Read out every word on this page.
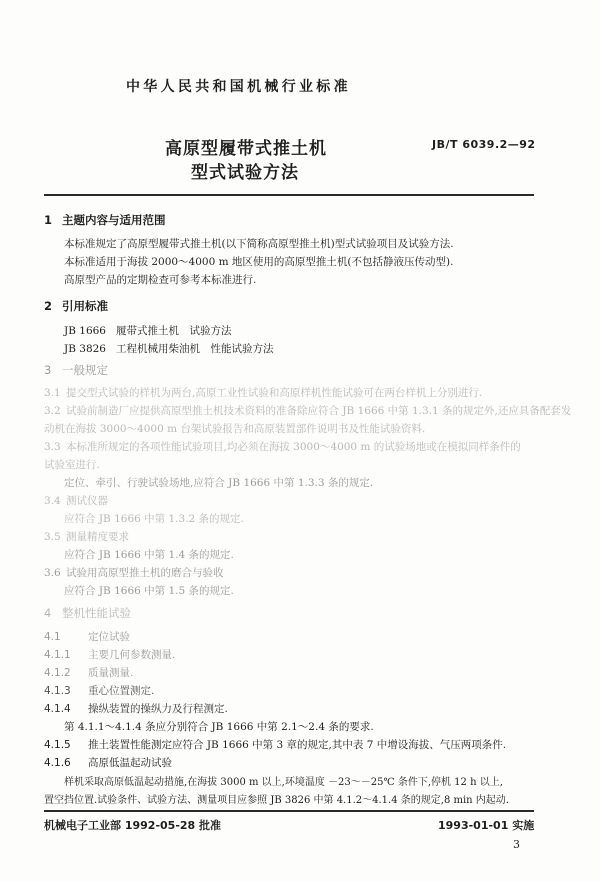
中华人民共和国机械行业标准
高原型履带式推土机
型式试验方法
JB/T 6039.2—92
1 主题内容与适用范围
本标准规定了高原型履带式推土机(以下简称高原型推土机)型式试验项目及试验方法.
本标准适用于海拔 2000～4000 m 地区使用的高原型推土机(不包括静液压传动型).
高原型产品的定期检查可参考本标准进行.
2 引用标准
JB 1666 履带式推土机　试验方法
JB 3826 工程机械用柴油机　性能试验方法
3 一般规定
3.1 提交型式试验的样机为两台,高原工业性试验和高原样机性能试验可在两台样机上分别进行.
3.2 试验前制造厂应提供高原型推土机技术资料的准备除应符合 JB 1666 中第 1.3.1 条的规定外,还应具备配套发
动机在海拔 3000～4000 m 台架试验报告和高原装置部件说明书及性能试验资料.
3.3 本标准所规定的各项性能试验项目,均必须在海拔 3000～4000 m 的试验场地或在模拟同样条件的
试验室进行.
定位、牵引、行驶试验场地,应符合 JB 1666 中第 1.3.3 条的规定.
3.4 测试仪器
应符合 JB 1666 中第 1.3.2 条的规定.
3.5 测量精度要求
应符合 JB 1666 中第 1.4 条的规定.
3.6 试验用高原型推土机的磨合与验收
应符合 JB 1666 中第 1.5 条的规定.
4 整机性能试验
4.1	定位试验
4.1.1 主要几何参数测量.
4.1.2 质量测量.
4.1.3 重心位置测定.
4.1.4 操纵装置的操纵力及行程测定.
第 4.1.1～4.1.4 条应分别符合 JB 1666 中第 2.1～2.4 条的要求.
4.1.5 推土装置性能测定应符合 JB 1666 中第 3 章的规定,其中表 7 中增设海拔、气压两项条件.
4.1.6 高原低温起动试验
样机采取高原低温起动措施,在海拔 3000 m 以上,环境温度 －23～－25℃ 条件下,停机 12 h 以上,
置空挡位置.试验条件、试验方法、测量项目应参照 JB 3826 中第 4.1.2～4.1.4 条的规定,8 min 内起动.
机械电子工业部 1992-05-28 批准	1993-01-01 实施
3
